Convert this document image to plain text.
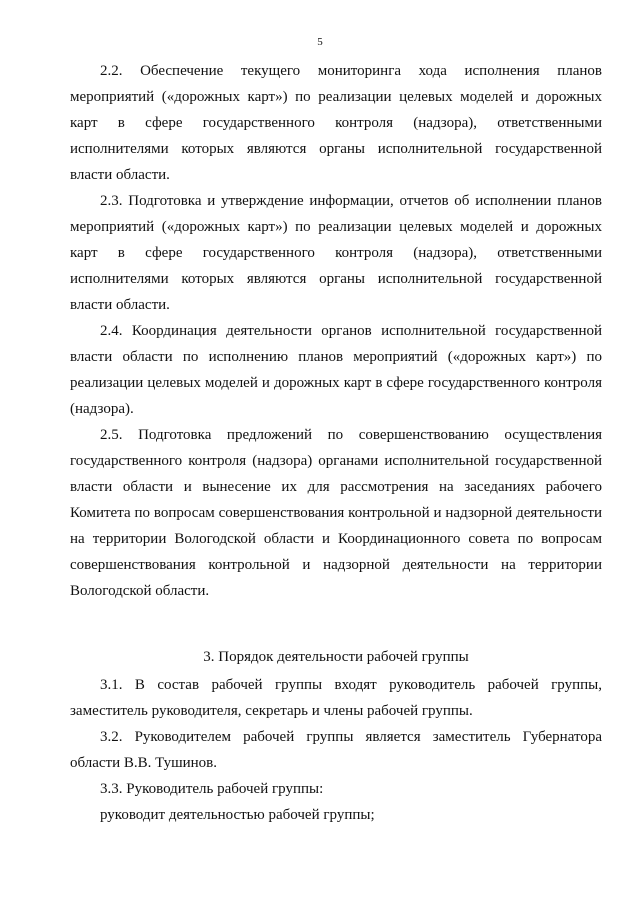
5

2.2. Обеспечение текущего мониторинга хода исполнения планов мероприятий («дорожных карт») по реализации целевых моделей и дорожных карт в сфере государственного контроля (надзора), ответственными исполнителями которых являются органы исполнительной государственной власти области.

2.3. Подготовка и утверждение информации, отчетов об исполнении планов мероприятий («дорожных карт») по реализации целевых моделей и дорожных карт в сфере государственного контроля (надзора), ответственными исполнителями которых являются органы исполнительной государственной власти области.

2.4. Координация деятельности органов исполнительной государственной власти области по исполнению планов мероприятий («дорожных карт») по реализации целевых моделей и дорожных карт в сфере государственного контроля (надзора).

2.5. Подготовка предложений по совершенствованию осуществления государственного контроля (надзора) органами исполнительной государственной власти области и вынесение их для рассмотрения на заседаниях рабочего Комитета по вопросам совершенствования контрольной и надзорной деятельности на территории Вологодской области и Координационного совета по вопросам совершенствования контрольной и надзорной деятельности на территории Вологодской области.

3. Порядок деятельности рабочей группы

3.1. В состав рабочей группы входят руководитель рабочей группы, заместитель руководителя, секретарь и члены рабочей группы.

3.2. Руководителем рабочей группы является заместитель Губернатора области В.В. Тушинов.

3.3. Руководитель рабочей группы:

руководит деятельностью рабочей группы;
